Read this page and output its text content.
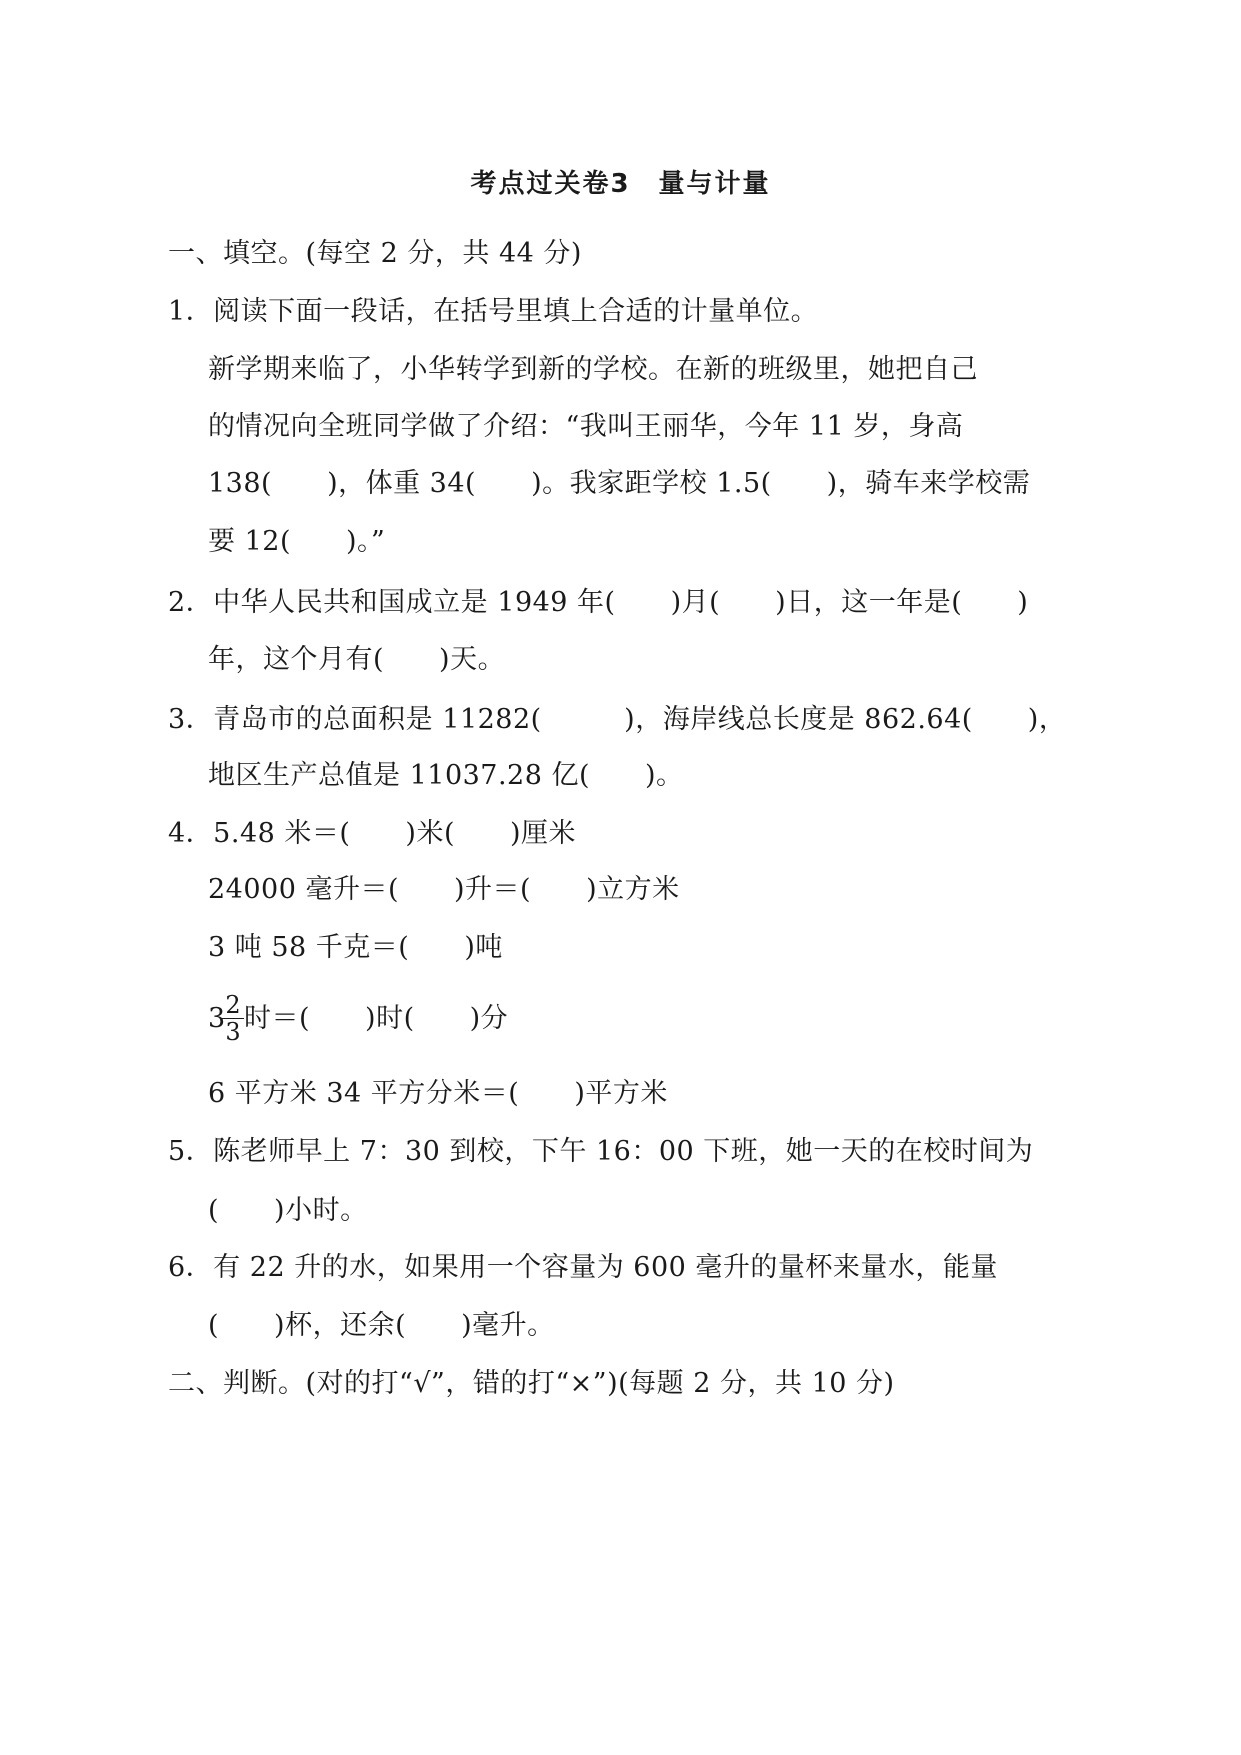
考点过关卷3　量与计量
一、填空。(每空 2 分，共 44 分)
1．阅读下面一段话，在括号里填上合适的计量单位。
新学期来临了，小华转学到新的学校。在新的班级里，她把自己
的情况向全班同学做了介绍：“我叫王丽华，今年 11 岁，身高
138(　　)，体重 34(　　)。我家距学校 1.5(　　)，骑车来学校需
要 12(　　)。”
2．中华人民共和国成立是 1949 年(　　)月(　　)日，这一年是(　　)
年，这个月有(　　)天。
3．青岛市的总面积是 11282(　　　)，海岸线总长度是 862.64(　　)，
地区生产总值是 11037.28 亿(　　)。
4．5.48 米＝(　　)米(　　)厘米
24000 毫升＝(　　)升＝(　　)立方米
3 吨 58 千克＝(　　)吨
3
$\frac{2}{3}$ 时＝(　　)时(　　)分
6 平方米 34 平方分米＝(　　)平方米
5．陈老师早上 7：30 到校，下午 16：00 下班，她一天的在校时间为
(　　)小时。
6．有 22 升的水，如果用一个容量为 600 毫升的量杯来量水，能量
(　　)杯，还余(　　)毫升。
二、判断。(对的打“√”，错的打“×”)(每题 2 分，共 10 分)
